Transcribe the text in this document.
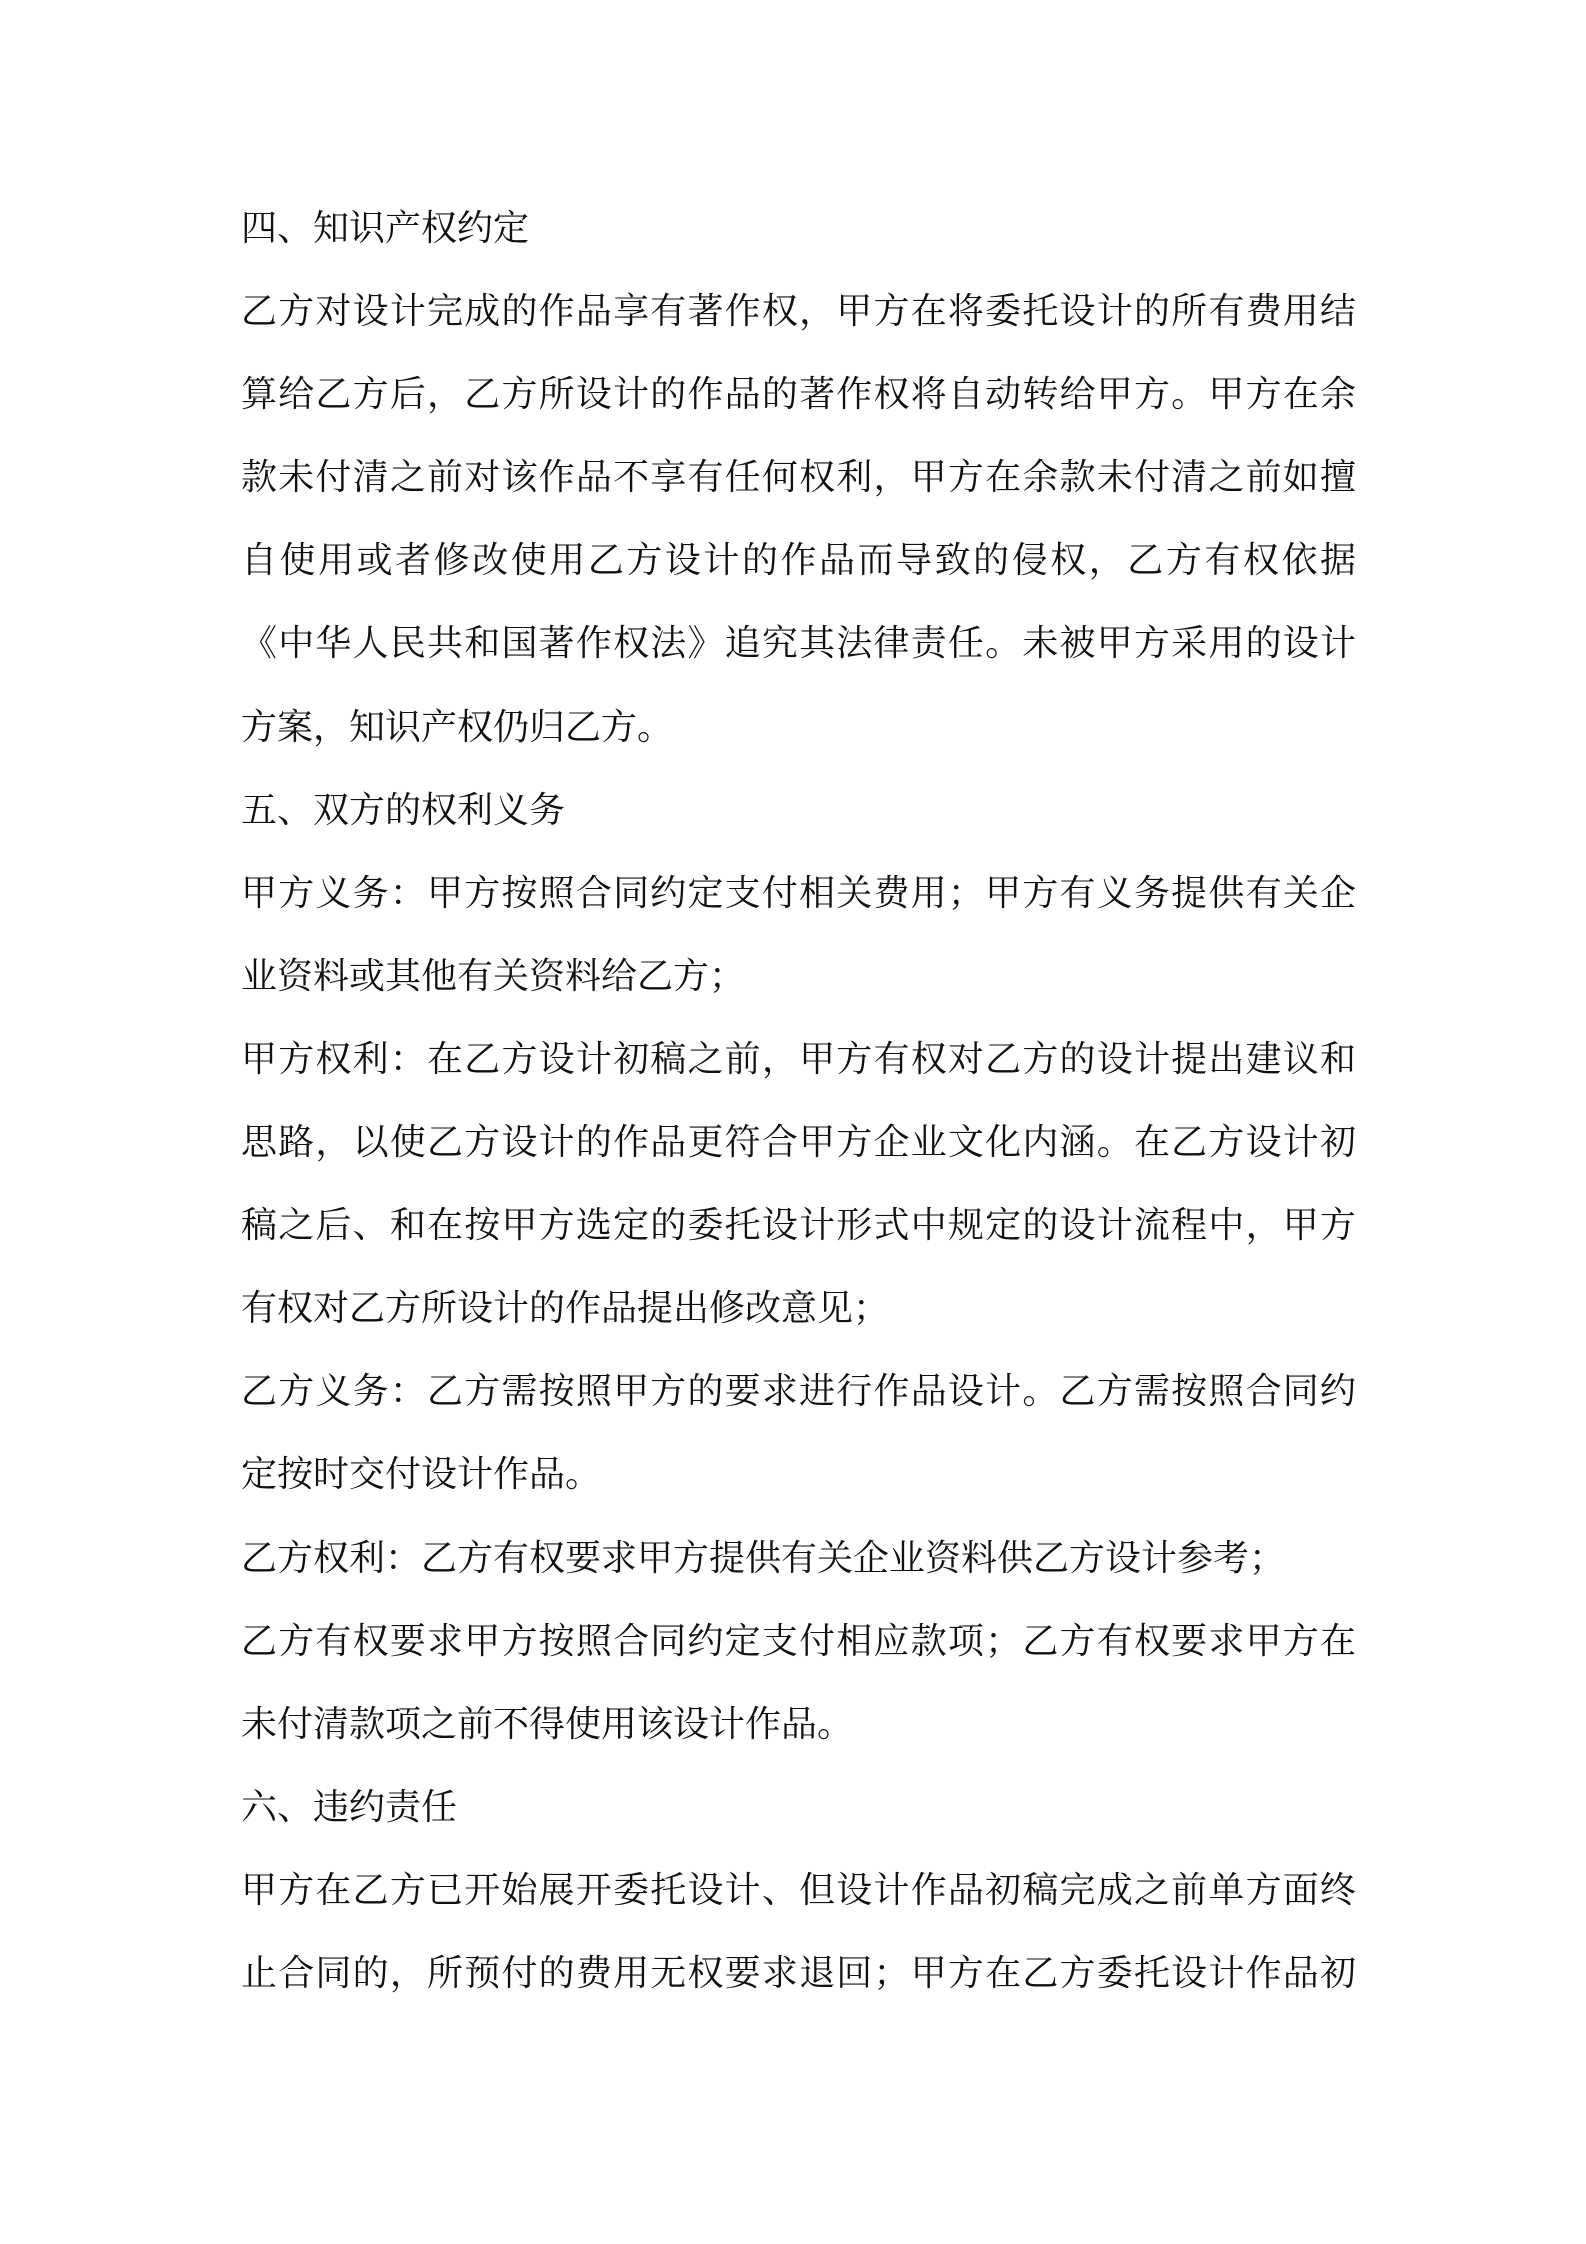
四、知识产权约定
乙方对设计完成的作品享有著作权，甲方在将委托设计的所有费用结
算给乙方后，乙方所设计的作品的著作权将自动转给甲方。甲方在余
款未付清之前对该作品不享有任何权利，甲方在余款未付清之前如擅
自使用或者修改使用乙方设计的作品而导致的侵权，乙方有权依据
《中华人民共和国著作权法》追究其法律责任。未被甲方采用的设计
方案，知识产权仍归乙方。
五、双方的权利义务
甲方义务：甲方按照合同约定支付相关费用；甲方有义务提供有关企
业资料或其他有关资料给乙方；
甲方权利：在乙方设计初稿之前，甲方有权对乙方的设计提出建议和
思路，以使乙方设计的作品更符合甲方企业文化内涵。在乙方设计初
稿之后、和在按甲方选定的委托设计形式中规定的设计流程中，甲方
有权对乙方所设计的作品提出修改意见；
乙方义务：乙方需按照甲方的要求进行作品设计。乙方需按照合同约
定按时交付设计作品。
乙方权利：乙方有权要求甲方提供有关企业资料供乙方设计参考；
乙方有权要求甲方按照合同约定支付相应款项；乙方有权要求甲方在
未付清款项之前不得使用该设计作品。
六、违约责任
甲方在乙方已开始展开委托设计、但设计作品初稿完成之前单方面终
止合同的，所预付的费用无权要求退回；甲方在乙方委托设计作品初
